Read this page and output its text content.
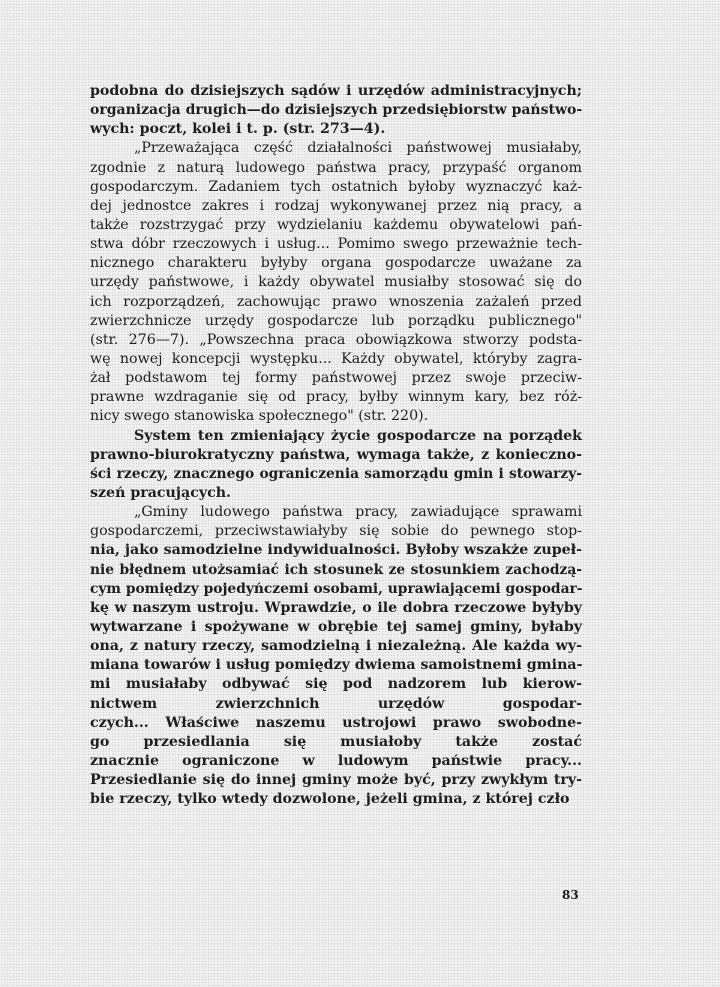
podobna do dzisiejszych sądów i urzędów administracyjnych;
organizacja drugich—do dzisiejszych przedsiębiorstw państwo-
wych: poczt, kolei i t. p. (str. 273—4).
„Przeważająca część działalności państwowej musiałaby,
zgodnie z naturą ludowego państwa pracy, przypaść organom
gospodarczym. Zadaniem tych ostatnich byłoby wyznaczyć każ-
dej jednostce zakres i rodzaj wykonywanej przez nią pracy, a
także rozstrzygać przy wydzielaniu każdemu obywatelowi pań-
stwa dóbr rzeczowych i usług... Pomimo swego przeważnie tech-
nicznego charakteru byłyby organa gospodarcze uważane za
urzędy państwowe, i każdy obywatel musiałby stosować się do
ich rozporządzeń, zachowując prawo wnoszenia zażaleń przed
zwierzchnicze urzędy gospodarcze lub porządku publicznego"
(str. 276—7). „Powszechna praca obowiązkowa stworzy podsta-
wę nowej koncepcji występku... Każdy obywatel, któryby zagra-
żał podstawom tej formy państwowej przez swoje przeciw-
prawne wzdraganie się od pracy, byłby winnym kary, bez róż-
nicy swego stanowiska społecznego" (str. 220).
System ten zmieniający życie gospodarcze na porządek
prawno-biurokratyczny państwa, wymaga także, z konieczno-
ści rzeczy, znacznego ograniczenia samorządu gmin i stowarzy-
szeń pracujących.
„Gminy ludowego państwa pracy, zawiadujące sprawami
gospodarczemi, przeciwstawiałyby się sobie do pewnego stop-
nia, jako samodzielne indywidualności. Byłoby wszakże zupeł-
nie błędnem utożsamiać ich stosunek ze stosunkiem zachodzą-
cym pomiędzy pojedyńczemi osobami, uprawiającemi gospodar-
kę w naszym ustroju. Wprawdzie, o ile dobra rzeczowe byłyby
wytwarzane i spożywane w obrębie tej samej gminy, byłaby
ona, z natury rzeczy, samodzielną i niezależną. Ale każda wy-
miana towarów i usług pomiędzy dwiema samoistnemi gmina-
mi musiałaby odbywać się pod nadzorem lub kierow-
nictwem zwierzchnich urzędów gospodar-
czych... Właściwe naszemu ustrojowi prawo swobodne-
go przesiedlania się musiałoby także zostać
znacznie ograniczone w ludowym państwie pracy...
Przesiedlanie się do innej gminy może być, przy zwykłym try-
bie rzeczy, tylko wtedy dozwolone, jeżeli gmina, z której czło
83
